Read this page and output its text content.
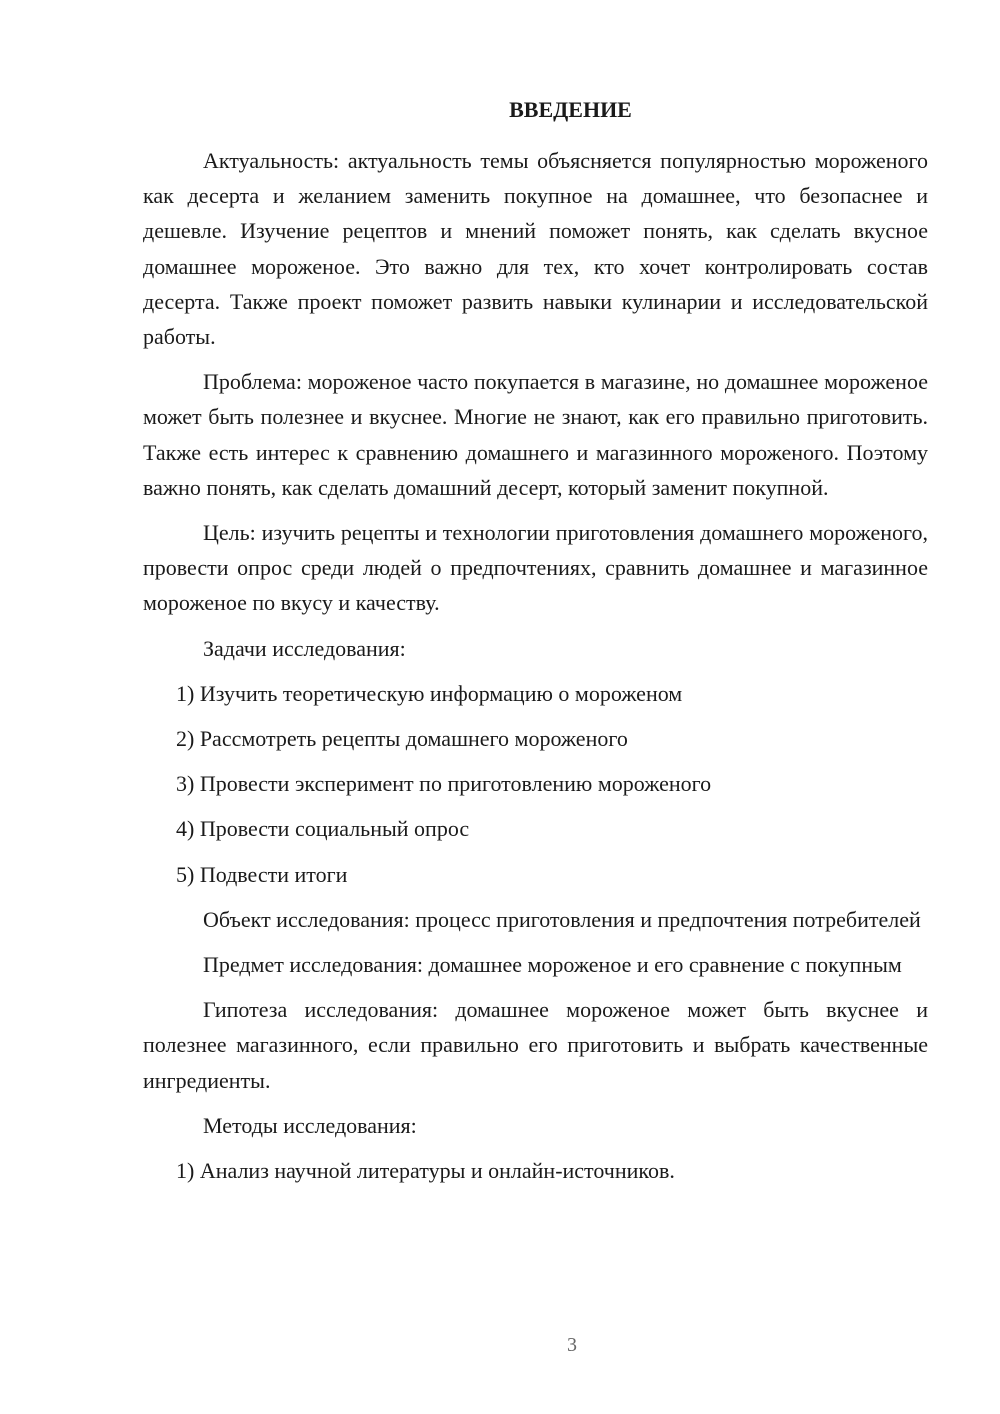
ВВЕДЕНИЕ

Актуальность: актуальность темы объясняется популярностью мороженого как десерта и желанием заменить покупное на домашнее, что безопаснее и дешевле. Изучение рецептов и мнений поможет понять, как сделать вкусное домашнее мороженое. Это важно для тех, кто хочет контролировать состав десерта. Также проект поможет развить навыки кулинарии и исследовательской работы.

Проблема: мороженое часто покупается в магазине, но домашнее мороженое может быть полезнее и вкуснее. Многие не знают, как его правильно приготовить. Также есть интерес к сравнению домашнего и магазинного мороженого. Поэтому важно понять, как сделать домашний десерт, который заменит покупной.

Цель: изучить рецепты и технологии приготовления домашнего мороженого, провести опрос среди людей о предпочтениях, сравнить домашнее и магазинное мороженое по вкусу и качеству.

Задачи исследования:

1) Изучить теоретическую информацию о мороженом
2) Рассмотреть рецепты домашнего мороженого
3) Провести эксперимент по приготовлению мороженого
4) Провести социальный опрос
5) Подвести итоги

Объект исследования: процесс приготовления и предпочтения потребителей

Предмет исследования: домашнее мороженое и его сравнение с покупным

Гипотеза исследования: домашнее мороженое может быть вкуснее и полезнее магазинного, если правильно его приготовить и выбрать качественные ингредиенты.

Методы исследования:

1) Анализ научной литературы и онлайн-источников.
3
